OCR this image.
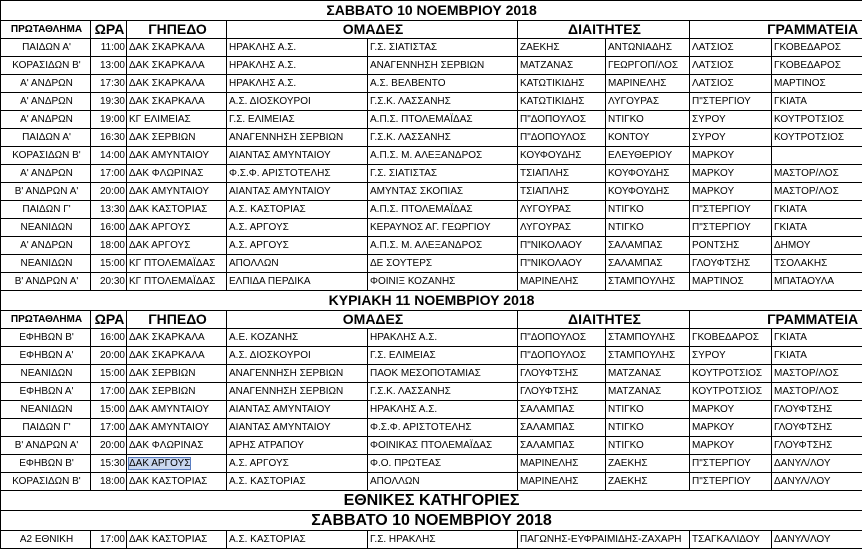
ΣΑΒΒΑΤΟ 10 ΝΟΕΜΒΡΙΟΥ 2018								
ΠΡΩΤΑΘΛΗΜΑ	ΩΡΑ	ΓΗΠΕΔΟ	ΟΜΑΔΕΣ		ΔΙΑΙΤΗΤΕΣ		ΓΡΑΜΜΑΤΕΙΑ	
ΠΑΙΔΩΝ Α'	11:00	ΔΑΚ ΣΚΑΡΚΑΛΑ	ΗΡΑΚΛΗΣ Α.Σ.	Γ.Σ. ΣΙΑΤΙΣΤΑΣ	ΖΑΕΚΗΣ	ΑΝΤΩΝΙΑΔΗΣ	ΛΑΤΣΙΟΣ	ΓΚΟΒΕΔΑΡΟΣ
ΚΟΡΑΣΙΔΩΝ Β'	13:00	ΔΑΚ ΣΚΑΡΚΑΛΑ	ΗΡΑΚΛΗΣ Α.Σ.	ΑΝΑΓΕΝΝΗΣΗ ΣΕΡΒΙΩΝ	ΜΑΤΖΑΝΑΣ	ΓΕΩΡΓΟΠ/ΛΟΣ	ΛΑΤΣΙΟΣ	ΓΚΟΒΕΔΑΡΟΣ
Α' ΑΝΔΡΩΝ	17:30	ΔΑΚ ΣΚΑΡΚΑΛΑ	ΗΡΑΚΛΗΣ Α.Σ.	Α.Σ. ΒΕΛΒΕΝΤΟ	ΚΑΤΩΤΙΚΙΔΗΣ	ΜΑΡΙΝΕΛΗΣ	ΛΑΤΣΙΟΣ	ΜΑΡΤΙΝΟΣ
Α' ΑΝΔΡΩΝ	19:30	ΔΑΚ ΣΚΑΡΚΑΛΑ	Α.Σ. ΔΙΟΣΚΟΥΡΟΙ	Γ.Σ.Κ. ΛΑΣΣΑΝΗΣ	ΚΑΤΩΤΙΚΙΔΗΣ	ΛΥΓΟΥΡΑΣ	Π"ΣΤΕΡΓΙΟΥ	ΓΚΙΑΤΑ
Α' ΑΝΔΡΩΝ	19:00	ΚΓ ΕΛΙΜΕΙΑΣ	Γ.Σ. ΕΛΙΜΕΙΑΣ	Α.Π.Σ. ΠΤΟΛΕΜΑΪΔΑΣ	Π"ΔΟΠΟΥΛΟΣ	ΝΤΙΓΚΟ	ΣΥΡΟΥ	ΚΟΥΤΡΟΤΣΙΟΣ
ΠΑΙΔΩΝ Α'	16:30	ΔΑΚ ΣΕΡΒΙΩΝ	ΑΝΑΓΕΝΝΗΣΗ ΣΕΡΒΙΩΝ	Γ.Σ.Κ. ΛΑΣΣΑΝΗΣ	Π"ΔΟΠΟΥΛΟΣ	ΚΟΝΤΟΥ	ΣΥΡΟΥ	ΚΟΥΤΡΟΤΣΙΟΣ
ΚΟΡΑΣΙΔΩΝ Β'	14:00	ΔΑΚ ΑΜΥΝΤΑΙΟΥ	ΑΙΑΝΤΑΣ ΑΜΥΝΤΑΙΟΥ	Α.Π.Σ. Μ. ΑΛΕΞΑΝΔΡΟΣ	ΚΟΥΦΟΥΔΗΣ	ΕΛΕΥΘΕΡΙΟΥ	ΜΑΡΚΟΥ	
Α' ΑΝΔΡΩΝ	17:00	ΔΑΚ ΦΛΩΡΙΝΑΣ	Φ.Σ.Φ. ΑΡΙΣΤΟΤΕΛΗΣ	Γ.Σ. ΣΙΑΤΙΣΤΑΣ	ΤΣΙΑΠΛΗΣ	ΚΟΥΦΟΥΔΗΣ	ΜΑΡΚΟΥ	ΜΑΣΤΟΡ/ΛΟΣ
Β' ΑΝΔΡΩΝ Α'	20:00	ΔΑΚ ΑΜΥΝΤΑΙΟΥ	ΑΙΑΝΤΑΣ ΑΜΥΝΤΑΙΟΥ	ΑΜΥΝΤΑΣ ΣΚΟΠΙΑΣ	ΤΣΙΑΠΛΗΣ	ΚΟΥΦΟΥΔΗΣ	ΜΑΡΚΟΥ	ΜΑΣΤΟΡ/ΛΟΣ
ΠΑΙΔΩΝ Γ'	13:30	ΔΑΚ ΚΑΣΤΟΡΙΑΣ	Α.Σ. ΚΑΣΤΟΡΙΑΣ	Α.Π.Σ. ΠΤΟΛΕΜΑΪΔΑΣ	ΛΥΓΟΥΡΑΣ	ΝΤΙΓΚΟ	Π"ΣΤΕΡΓΙΟΥ	ΓΚΙΑΤΑ
ΝΕΑΝΙΔΩΝ	16:00	ΔΑΚ ΑΡΓΟΥΣ	Α.Σ. ΑΡΓΟΥΣ	ΚΕΡΑΥΝΟΣ ΑΓ. ΓΕΩΡΓΙΟΥ	ΛΥΓΟΥΡΑΣ	ΝΤΙΓΚΟ	Π"ΣΤΕΡΓΙΟΥ	ΓΚΙΑΤΑ
Α' ΑΝΔΡΩΝ	18:00	ΔΑΚ ΑΡΓΟΥΣ	Α.Σ. ΑΡΓΟΥΣ	Α.Π.Σ. Μ. ΑΛΕΞΑΝΔΡΟΣ	Π"ΝΙΚΟΛΑΟΥ	ΣΑΛΑΜΠΑΣ	ΡΟΝΤΣΗΣ	ΔΗΜΟΥ
ΝΕΑΝΙΔΩΝ	15:00	ΚΓ ΠΤΟΛΕΜΑΪΔΑΣ	ΑΠΟΛΛΩΝ	ΔΕ ΣΟΥΤΕΡΣ	Π"ΝΙΚΟΛΑΟΥ	ΣΑΛΑΜΠΑΣ	ΓΛΟΥΦΤΣΗΣ	ΤΣΟΛΑΚΗΣ
Β' ΑΝΔΡΩΝ Α'	20:30	ΚΓ ΠΤΟΛΕΜΑΪΔΑΣ	ΕΛΠΙΔΑ ΠΕΡΔΙΚΑ	ΦΟΙΝΙΞ ΚΟΖΑΝΗΣ	ΜΑΡΙΝΕΛΗΣ	ΣΤΑΜΠΟΥΛΗΣ	ΜΑΡΤΙΝΟΣ	ΜΠΑΤΑΟΥΛΑ
ΚΥΡΙΑΚΗ 11 ΝΟΕΜΒΡΙΟΥ 2018								
ΠΡΩΤΑΘΛΗΜΑ	ΩΡΑ	ΓΗΠΕΔΟ	ΟΜΑΔΕΣ		ΔΙΑΙΤΗΤΕΣ		ΓΡΑΜΜΑΤΕΙΑ	
ΕΦΗΒΩΝ Β'	16:00	ΔΑΚ ΣΚΑΡΚΑΛΑ	Α.Ε. ΚΟΖΑΝΗΣ	ΗΡΑΚΛΗΣ Α.Σ.	Π"ΔΟΠΟΥΛΟΣ	ΣΤΑΜΠΟΥΛΗΣ	ΓΚΟΒΕΔΑΡΟΣ	ΓΚΙΑΤΑ
ΕΦΗΒΩΝ Α'	20:00	ΔΑΚ ΣΚΑΡΚΑΛΑ	Α.Σ. ΔΙΟΣΚΟΥΡΟΙ	Γ.Σ. ΕΛΙΜΕΙΑΣ	Π"ΔΟΠΟΥΛΟΣ	ΣΤΑΜΠΟΥΛΗΣ	ΣΥΡΟΥ	ΓΚΙΑΤΑ
ΝΕΑΝΙΔΩΝ	15:00	ΔΑΚ ΣΕΡΒΙΩΝ	ΑΝΑΓΕΝΝΗΣΗ ΣΕΡΒΙΩΝ	ΠΑΟΚ ΜΕΣΟΠΟΤΑΜΙΑΣ	ΓΛΟΥΦΤΣΗΣ	ΜΑΤΖΑΝΑΣ	ΚΟΥΤΡΟΤΣΙΟΣ	ΜΑΣΤΟΡ/ΛΟΣ
ΕΦΗΒΩΝ Α'	17:00	ΔΑΚ ΣΕΡΒΙΩΝ	ΑΝΑΓΕΝΝΗΣΗ ΣΕΡΒΙΩΝ	Γ.Σ.Κ. ΛΑΣΣΑΝΗΣ	ΓΛΟΥΦΤΣΗΣ	ΜΑΤΖΑΝΑΣ	ΚΟΥΤΡΟΤΣΙΟΣ	ΜΑΣΤΟΡ/ΛΟΣ
ΝΕΑΝΙΔΩΝ	15:00	ΔΑΚ ΑΜΥΝΤΑΙΟΥ	ΑΙΑΝΤΑΣ ΑΜΥΝΤΑΙΟΥ	ΗΡΑΚΛΗΣ Α.Σ.	ΣΑΛΑΜΠΑΣ	ΝΤΙΓΚΟ	ΜΑΡΚΟΥ	ΓΛΟΥΦΤΣΗΣ
ΠΑΙΔΩΝ Γ'	17:00	ΔΑΚ ΑΜΥΝΤΑΙΟΥ	ΑΙΑΝΤΑΣ ΑΜΥΝΤΑΙΟΥ	Φ.Σ.Φ. ΑΡΙΣΤΟΤΕΛΗΣ	ΣΑΛΑΜΠΑΣ	ΝΤΙΓΚΟ	ΜΑΡΚΟΥ	ΓΛΟΥΦΤΣΗΣ
Β' ΑΝΔΡΩΝ Α'	20:00	ΔΑΚ ΦΛΩΡΙΝΑΣ	ΑΡΗΣ ΑΤΡΑΠΟΥ	ΦΟΙΝΙΚΑΣ ΠΤΟΛΕΜΑΪΔΑΣ	ΣΑΛΑΜΠΑΣ	ΝΤΙΓΚΟ	ΜΑΡΚΟΥ	ΓΛΟΥΦΤΣΗΣ
ΕΦΗΒΩΝ Β'	15:30	ΔΑΚ ΑΡΓΟΥΣ	Α.Σ. ΑΡΓΟΥΣ	Φ.Ο. ΠΡΩΤΕΑΣ	ΜΑΡΙΝΕΛΗΣ	ΖΑΕΚΗΣ	Π"ΣΤΕΡΓΙΟΥ	ΔΑΝΥΛ/ΛΟΥ
ΚΟΡΑΣΙΔΩΝ Β'	18:00	ΔΑΚ ΚΑΣΤΟΡΙΑΣ	Α.Σ. ΚΑΣΤΟΡΙΑΣ	ΑΠΟΛΛΩΝ	ΜΑΡΙΝΕΛΗΣ	ΖΑΕΚΗΣ	Π"ΣΤΕΡΓΙΟΥ	ΔΑΝΥΛ/ΛΟΥ
ΕΘΝΙΚΕΣ ΚΑΤΗΓΟΡΙΕΣ								
ΣΑΒΒΑΤΟ 10 ΝΟΕΜΒΡΙΟΥ 2018								
Α2 ΕΘΝΙΚΗ	17:00	ΔΑΚ ΚΑΣΤΟΡΙΑΣ	Α.Σ. ΚΑΣΤΟΡΙΑΣ	Γ.Σ. ΗΡΑΚΛΗΣ	ΠΑΓΩΝΗΣ-ΕΥΦΡΑΙΜΙΔΗΣ-ΖΑΧΑΡΗ		ΤΣΑΓΚΑΛΙΔΟΥ	ΔΑΝΥΛ/ΛΟΥ
